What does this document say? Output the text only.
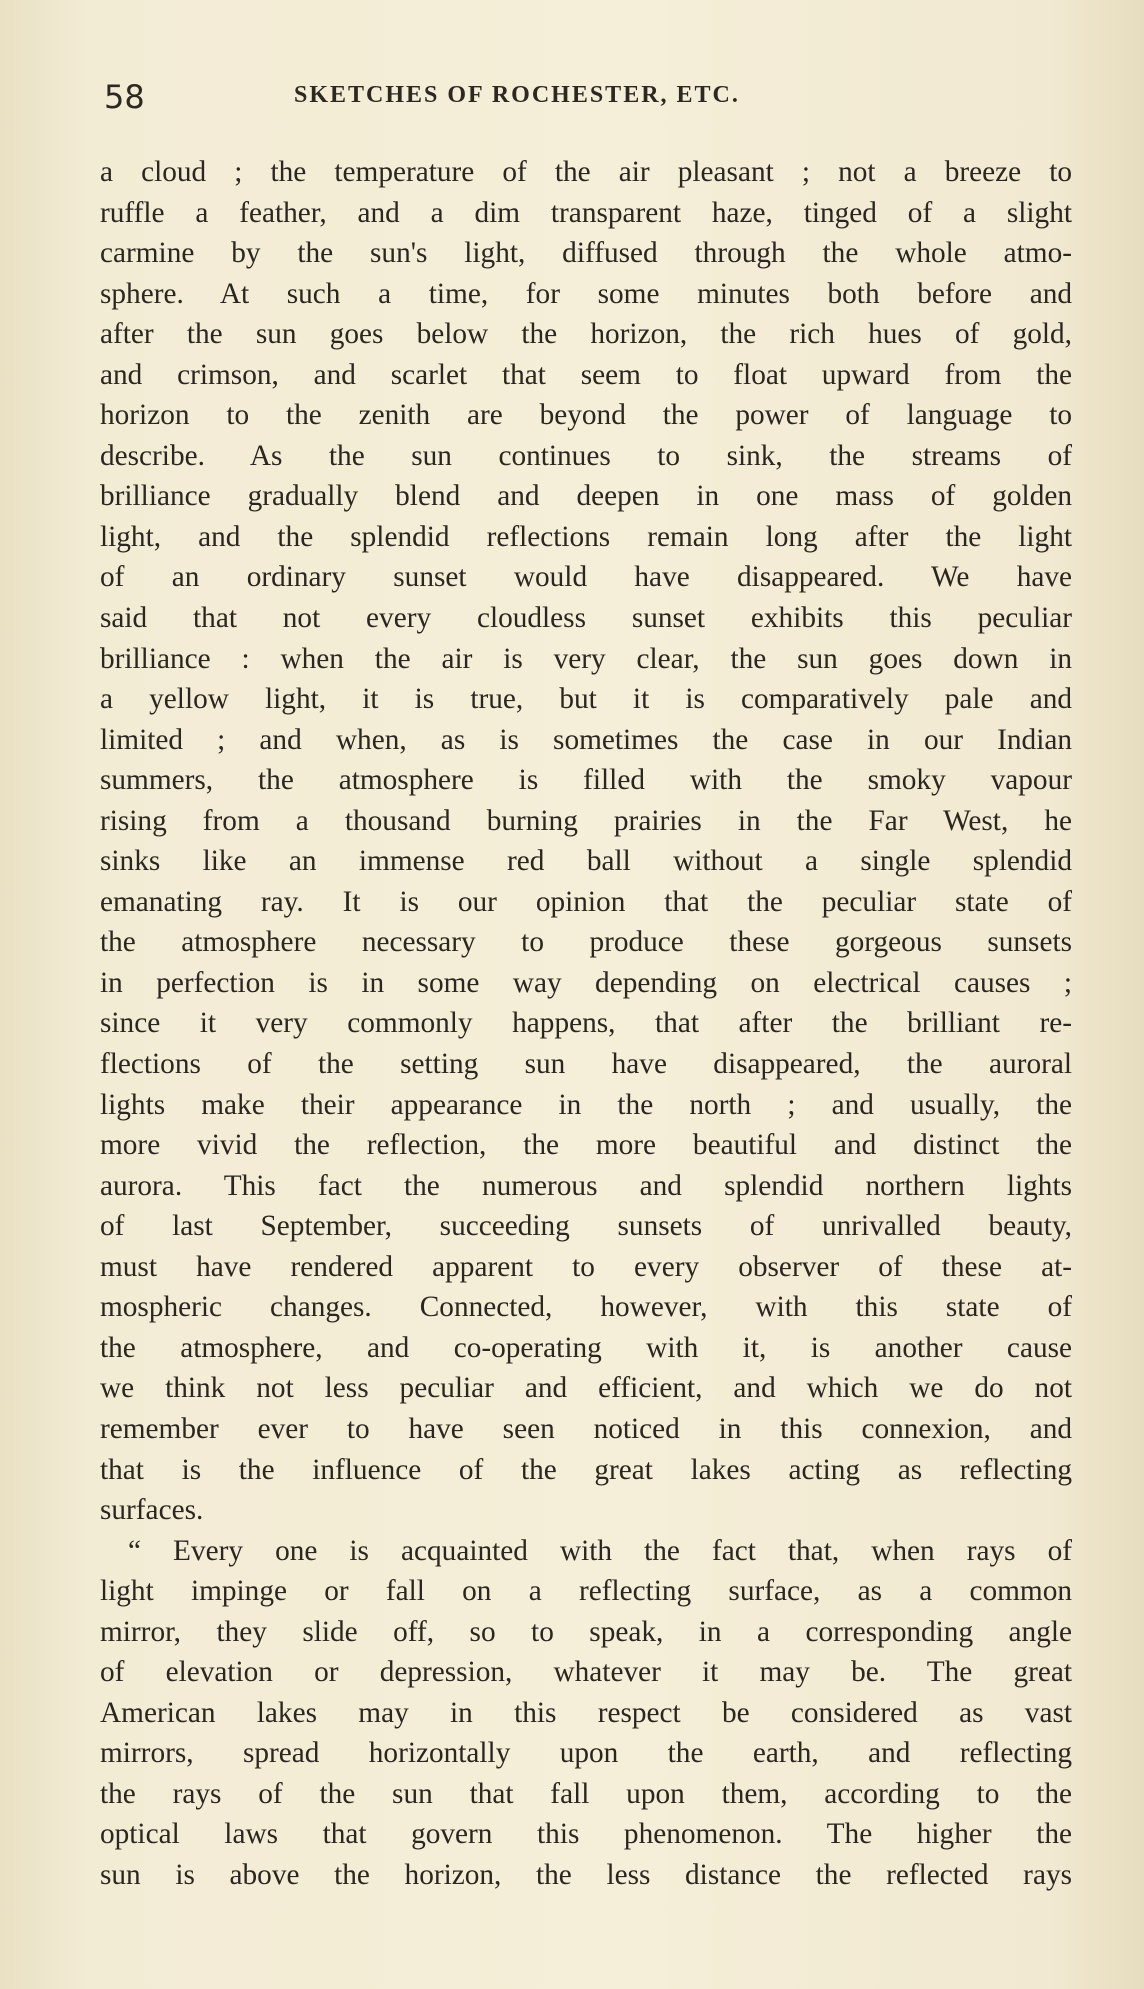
58	SKETCHES OF ROCHESTER, ETC.
a cloud ; the temperature of the air pleasant ; not a breeze to
ruffle a feather, and a dim transparent haze, tinged of a slight
carmine by the sun's light, diffused through the whole atmo-
sphere. At such a time, for some minutes both before and
after the sun goes below the horizon, the rich hues of gold,
and crimson, and scarlet that seem to float upward from the
horizon to the zenith are beyond the power of language to
describe. As the sun continues to sink, the streams of
brilliance gradually blend and deepen in one mass of golden
light, and the splendid reflections remain long after the light
of an ordinary sunset would have disappeared. We have
said that not every cloudless sunset exhibits this peculiar
brilliance : when the air is very clear, the sun goes down in
a yellow light, it is true, but it is comparatively pale and
limited ; and when, as is sometimes the case in our Indian
summers, the atmosphere is filled with the smoky vapour
rising from a thousand burning prairies in the Far West, he
sinks like an immense red ball without a single splendid
emanating ray. It is our opinion that the peculiar state of
the atmosphere necessary to produce these gorgeous sunsets
in perfection is in some way depending on electrical causes ;
since it very commonly happens, that after the brilliant re-
flections of the setting sun have disappeared, the auroral
lights make their appearance in the north ; and usually, the
more vivid the reflection, the more beautiful and distinct the
aurora. This fact the numerous and splendid northern lights
of last September, succeeding sunsets of unrivalled beauty,
must have rendered apparent to every observer of these at-
mospheric changes. Connected, however, with this state of
the atmosphere, and co-operating with it, is another cause
we think not less peculiar and efficient, and which we do not
remember ever to have seen noticed in this connexion, and
that is the influence of the great lakes acting as reflecting
surfaces.
“ Every one is acquainted with the fact that, when rays of
light impinge or fall on a reflecting surface, as a common
mirror, they slide off, so to speak, in a corresponding angle
of elevation or depression, whatever it may be. The great
American lakes may in this respect be considered as vast
mirrors, spread horizontally upon the earth, and reflecting
the rays of the sun that fall upon them, according to the
optical laws that govern this phenomenon. The higher the
sun is above the horizon, the less distance the reflected rays
